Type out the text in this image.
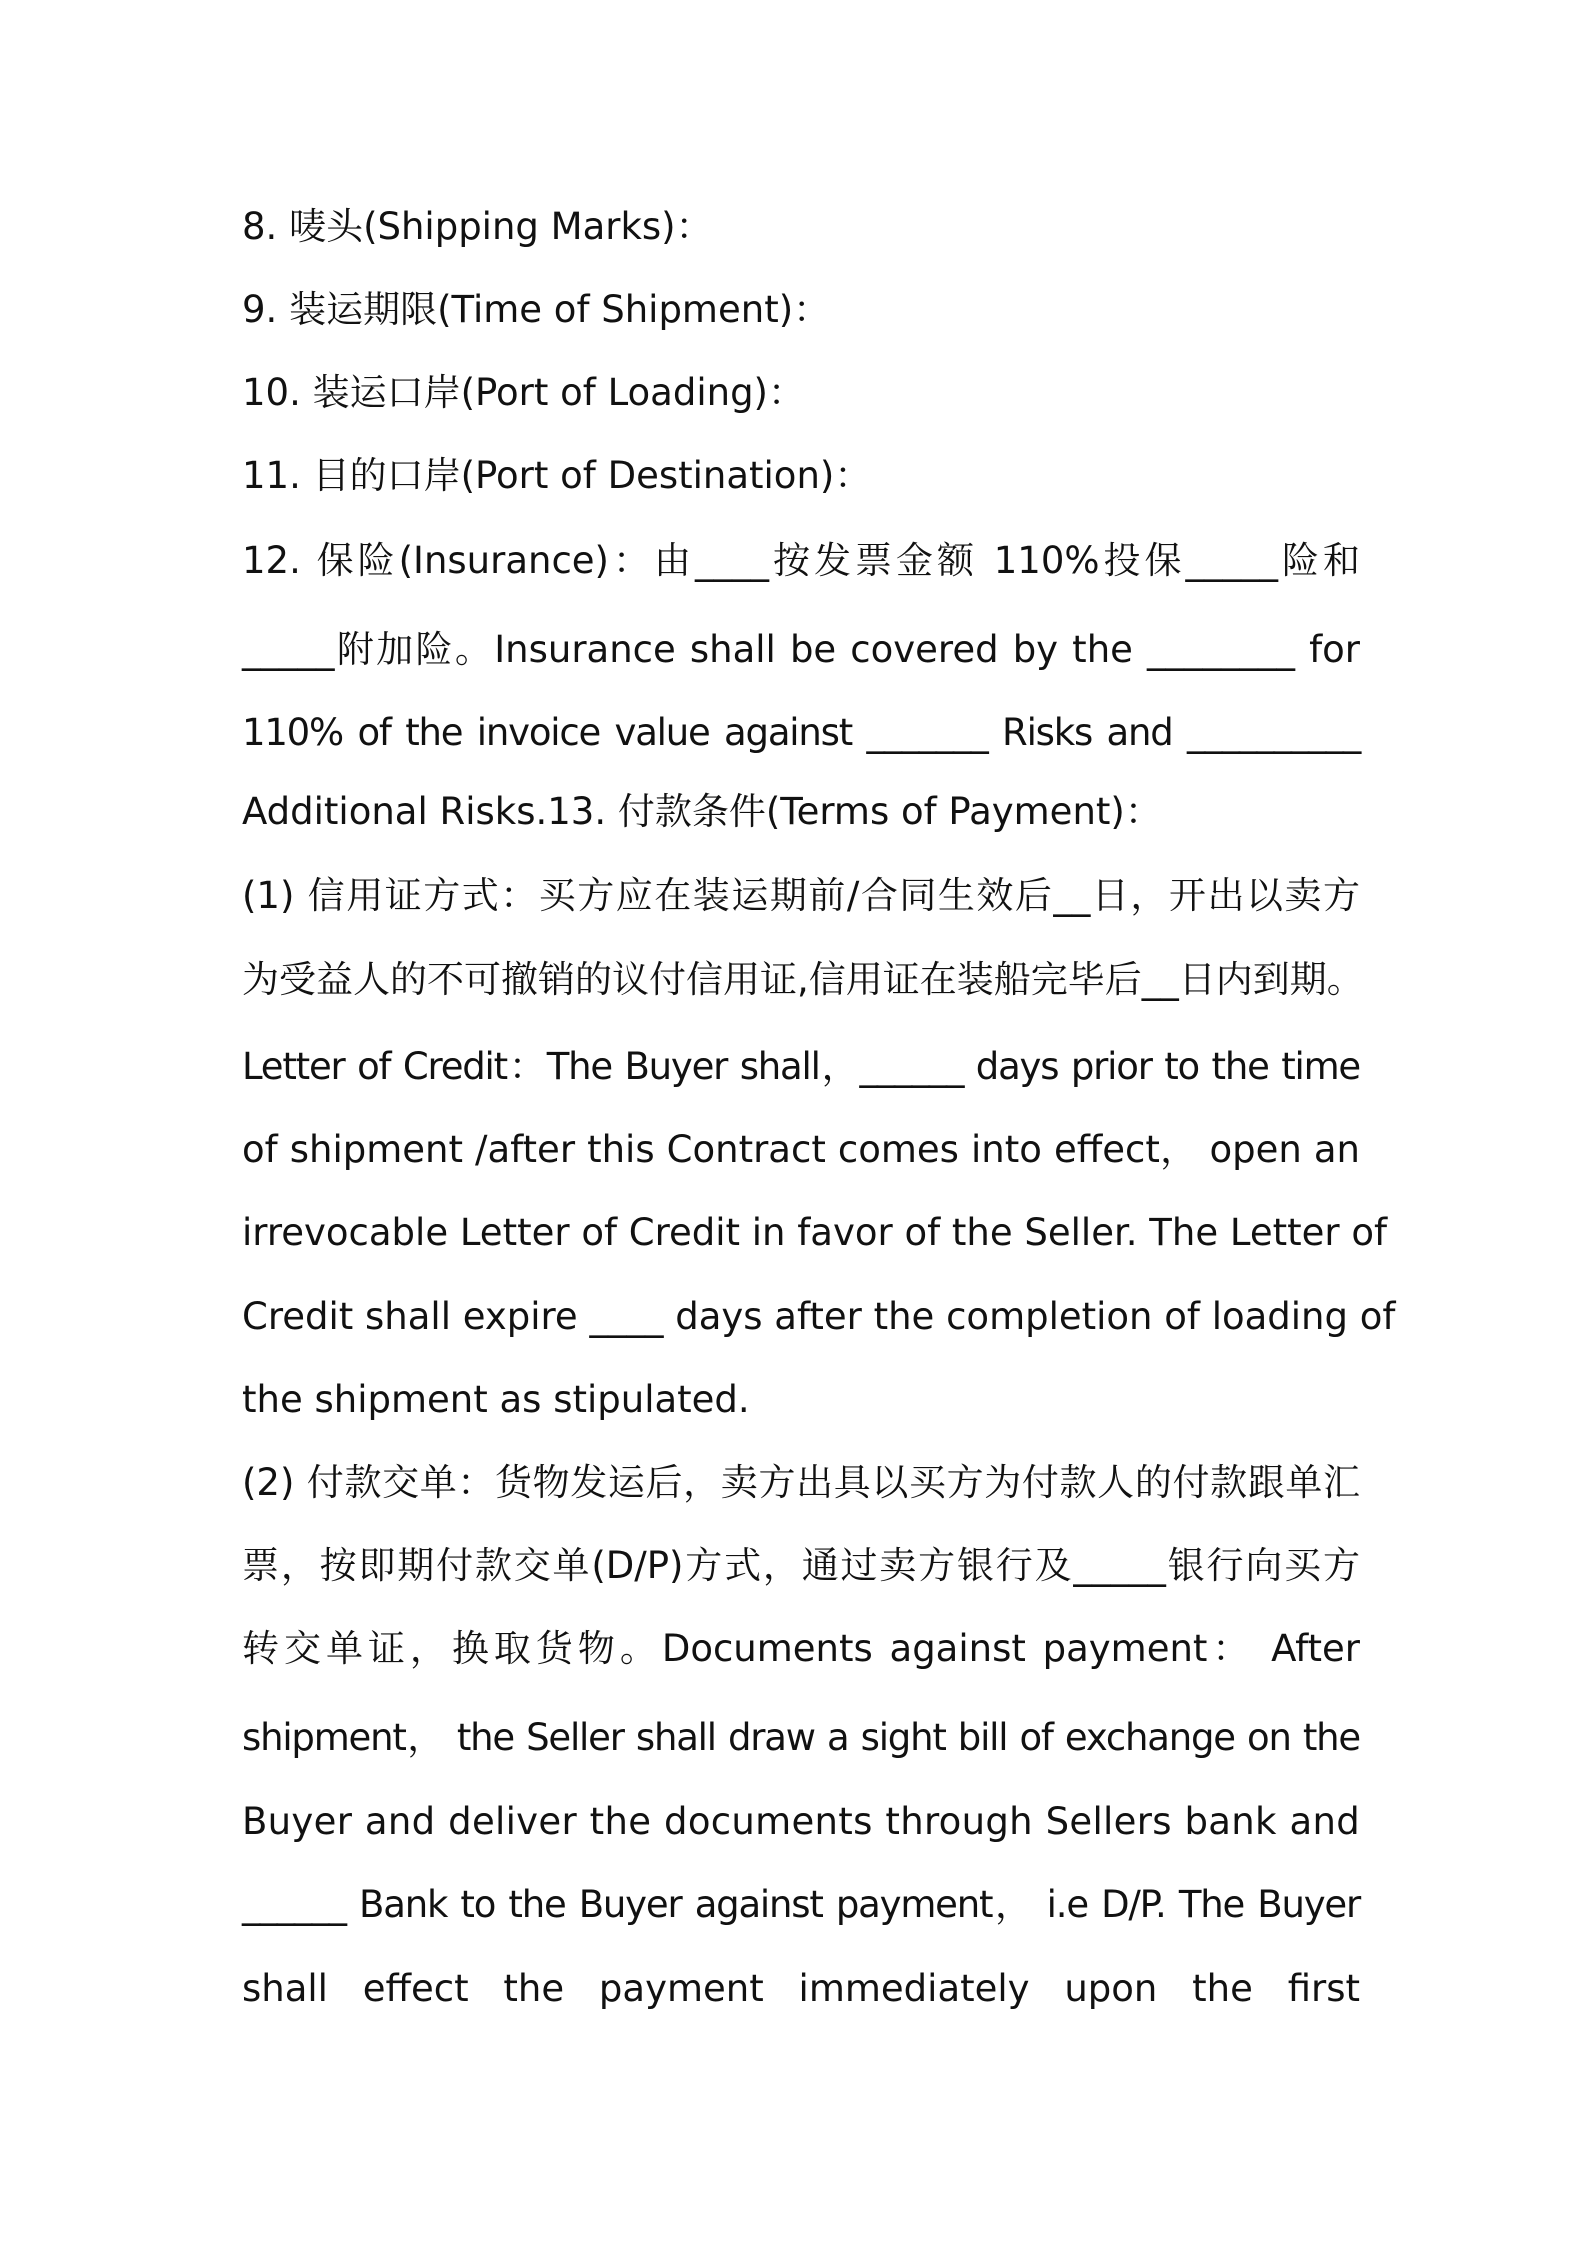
8. 唛头(Shipping Marks)：
9. 装运期限(Time of Shipment)：
10. 装运口岸(Port of Loading)：
11. 目的口岸(Port of Destination)：
12. 保险(Insurance)：由____按发票金额 110%投保_____险和
_____附加险。Insurance shall be covered by the ________ for
110% of the invoice value against _______ Risks and __________
Additional Risks.13. 付款条件(Terms of Payment)：
(1) 信用证方式：买方应在装运期前/合同生效后__日，开出以卖方
为受益人的不可撤销的议付信用证,信用证在装船完毕后__日内到期。
Letter of Credit：The Buyer shall，______ days prior to the time
of shipment /after this Contract comes into effect， open an
irrevocable Letter of Credit in favor of the Seller. The Letter of
Credit shall expire ____ days after the completion of loading of
the shipment as stipulated.
(2) 付款交单：货物发运后，卖方出具以买方为付款人的付款跟单汇
票，按即期付款交单(D/P)方式，通过卖方银行及_____银行向买方
转交单证，换取货物。Documents against payment： After
shipment， the Seller shall draw a sight bill of exchange on the
Buyer and deliver the documents through Sellers bank and
______ Bank to the Buyer against payment， i.e D/P. The Buyer
shall effect the payment immediately upon the first
